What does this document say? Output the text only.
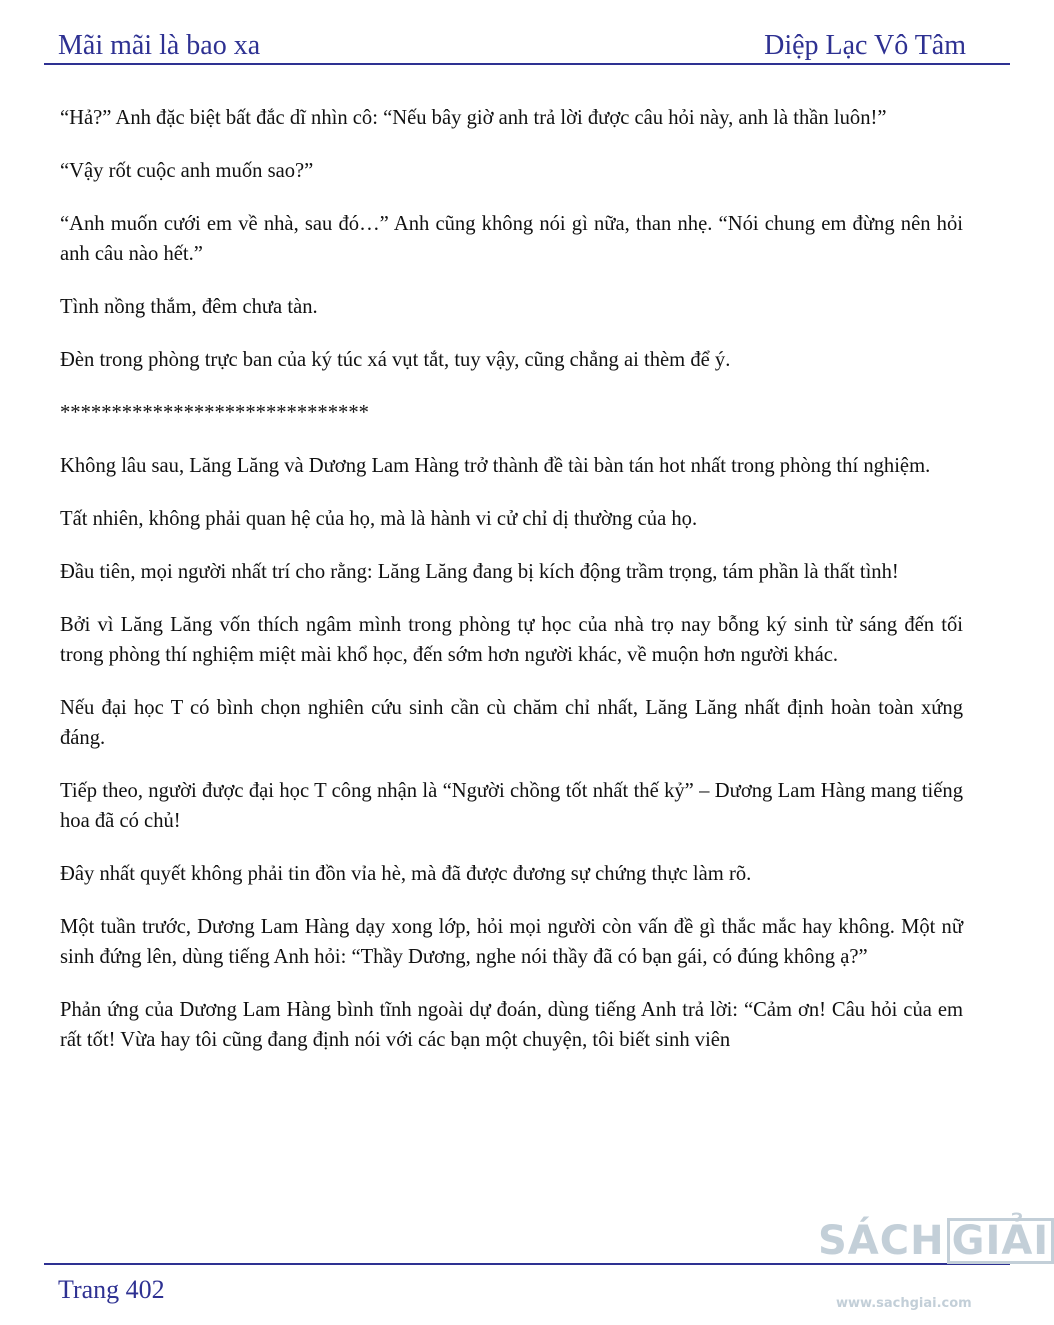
Mãi mãi là bao xa	Diệp Lạc Vô Tâm

“Hả?” Anh đặc biệt bất đắc dĩ nhìn cô: “Nếu bây giờ anh trả lời được câu hỏi này, anh là thần luôn!”

“Vậy rốt cuộc anh muốn sao?”

“Anh muốn cưới em về nhà, sau đó…” Anh cũng không nói gì nữa, than nhẹ. “Nói chung em đừng nên hỏi anh câu nào hết.”

Tình nồng thắm, đêm chưa tàn.

Đèn trong phòng trực ban của ký túc xá vụt tắt, tuy vậy, cũng chẳng ai thèm để ý.

******************************

Không lâu sau, Lăng Lăng và Dương Lam Hàng trở thành đề tài bàn tán hot nhất trong phòng thí nghiệm.

Tất nhiên, không phải quan hệ của họ, mà là hành vi cử chỉ dị thường của họ.

Đầu tiên, mọi người nhất trí cho rằng: Lăng Lăng đang bị kích động trầm trọng, tám phần là thất tình!

Bởi vì Lăng Lăng vốn thích ngâm mình trong phòng tự học của nhà trọ nay bỗng ký sinh từ sáng đến tối trong phòng thí nghiệm miệt mài khổ học, đến sớm hơn người khác, về muộn hơn người khác.

Nếu đại học T có bình chọn nghiên cứu sinh cần cù chăm chỉ nhất, Lăng Lăng nhất định hoàn toàn xứng đáng.

Tiếp theo, người được đại học T công nhận là “Người chồng tốt nhất thế kỷ” – Dương Lam Hàng mang tiếng hoa đã có chủ!

Đây nhất quyết không phải tin đồn vỉa hè, mà đã được đương sự chứng thực làm rõ.

Một tuần trước, Dương Lam Hàng dạy xong lớp, hỏi mọi người còn vấn đề gì thắc mắc hay không. Một nữ sinh đứng lên, dùng tiếng Anh hỏi: “Thầy Dương, nghe nói thầy đã có bạn gái, có đúng không ạ?”

Phản ứng của Dương Lam Hàng bình tĩnh ngoài dự đoán, dùng tiếng Anh trả lời: “Cảm ơn! Câu hỏi của em rất tốt! Vừa hay tôi cũng đang định nói với các bạn một chuyện, tôi biết sinh viên

Trang 402
SÁCH GIẢI
www.sachgiai.com
